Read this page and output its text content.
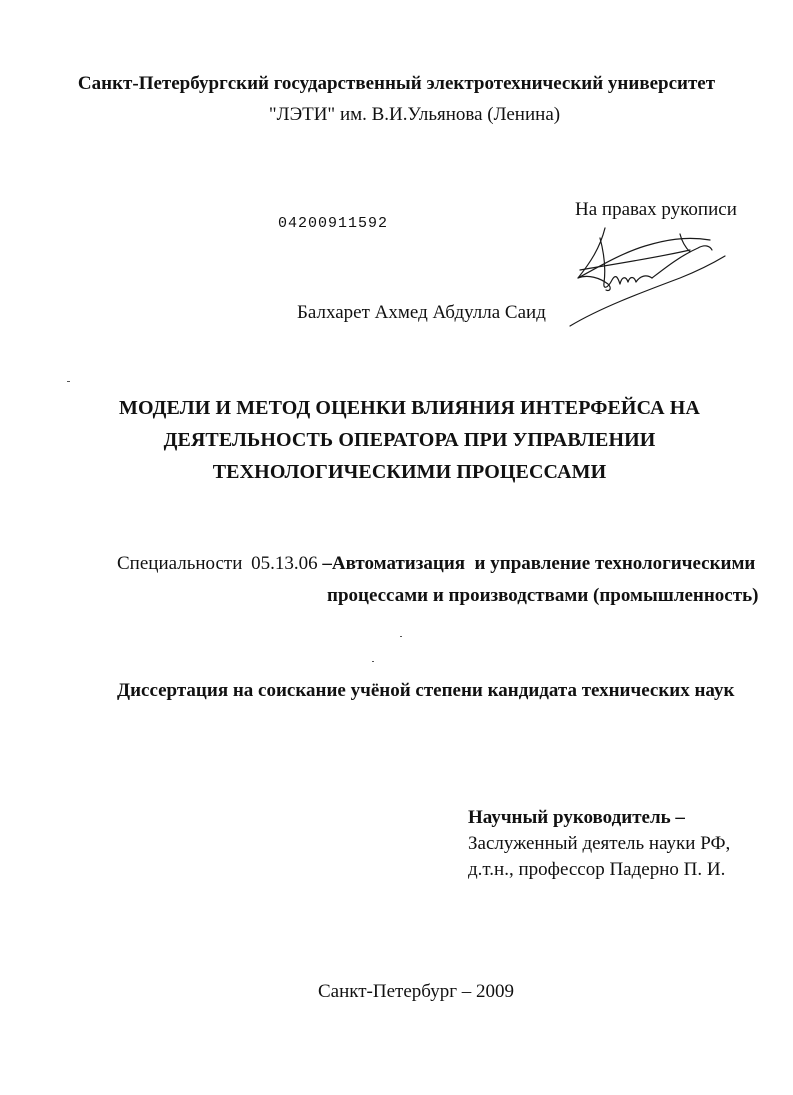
Санкт-Петербургский государственный электротехнический университет
"ЛЭТИ" им. В.И.Ульянова (Ленина)
На правах рукописи
04200911592
Балхарет Ахмед Абдулла Саид
МОДЕЛИ И МЕТОД ОЦЕНКИ ВЛИЯНИЯ ИНТЕРФЕЙСА НА
ДЕЯТЕЛЬНОСТЬ ОПЕРАТОРА ПРИ УПРАВЛЕНИИ
ТЕХНОЛОГИЧЕСКИМИ ПРОЦЕССАМИ
Специальности 05.13.06 –Автоматизация  и управление технологическими
процессами и производствами (промышленность)
Диссертация на соискание учёной степени кандидата технических наук
Научный руководитель –
Заслуженный деятель науки РФ,
д.т.н., профессор Падерно П. И.
Санкт-Петербург – 2009
